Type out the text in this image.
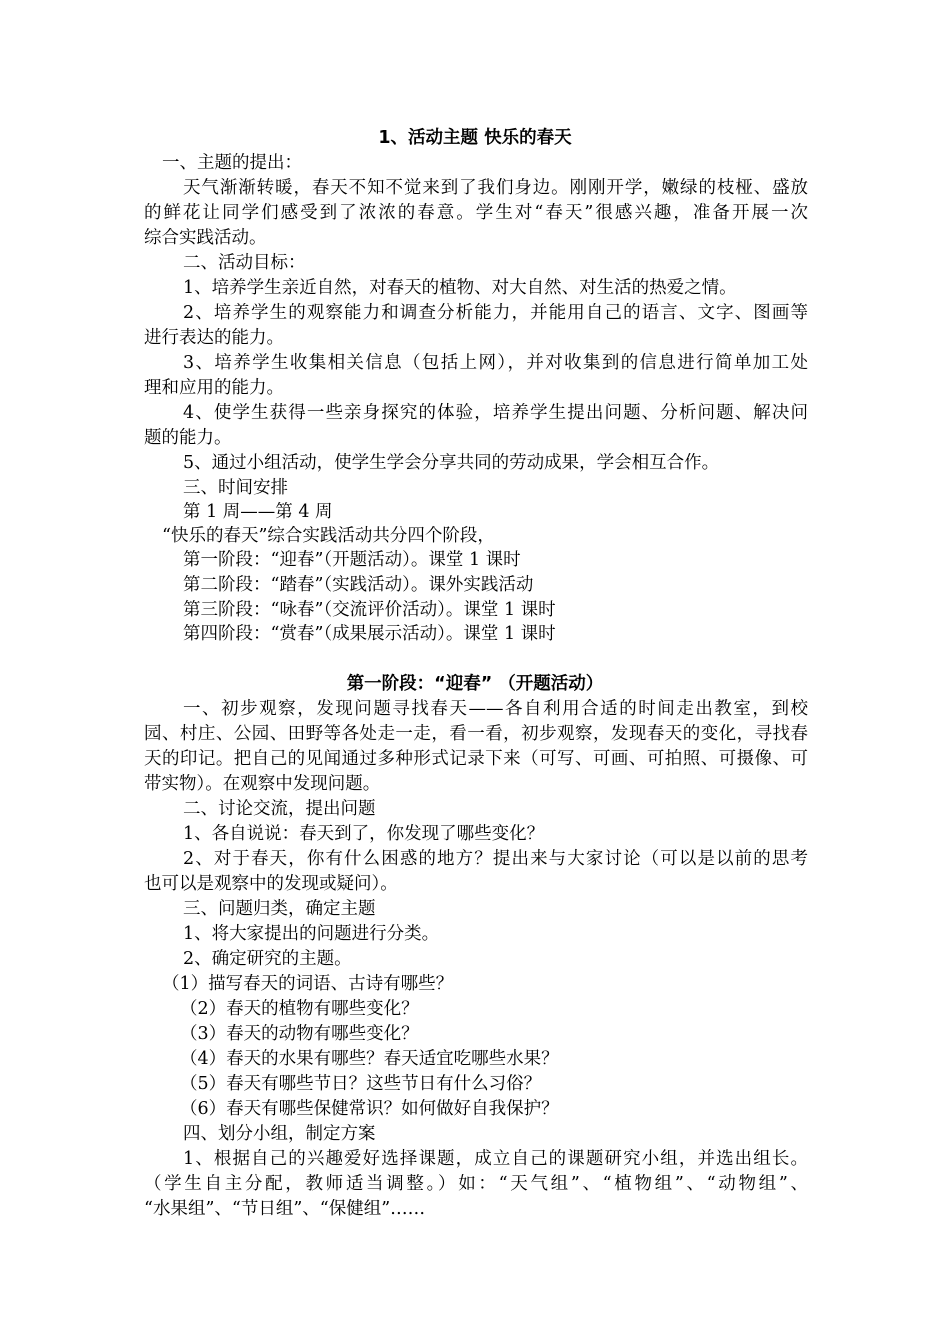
1、活动主题 快乐的春天
一、主题的提出：
天气渐渐转暖，春天不知不觉来到了我们身边。刚刚开学，嫩绿的枝桠、盛放
的鲜花让同学们感受到了浓浓的春意。学生对“春天”很感兴趣，准备开展一次
综合实践活动。
二、活动目标：
1、培养学生亲近自然，对春天的植物、对大自然、对生活的热爱之情。
2、培养学生的观察能力和调查分析能力，并能用自己的语言、文字、图画等
进行表达的能力。
3、培养学生收集相关信息（包括上网），并对收集到的信息进行简单加工处
理和应用的能力。
4、使学生获得一些亲身探究的体验，培养学生提出问题、分析问题、解决问
题的能力。
5、通过小组活动，使学生学会分享共同的劳动成果，学会相互合作。
三、时间安排
第 1 周——第 4 周
“快乐的春天”综合实践活动共分四个阶段，
第一阶段：“迎春”（开题活动）。课堂 1 课时
第二阶段：“踏春”（实践活动）。课外实践活动
第三阶段：“咏春”（交流评价活动）。课堂 1 课时
第四阶段：“赏春”（成果展示活动）。课堂 1 课时
第一阶段：“迎春” （开题活动）
一、初步观察，发现问题寻找春天——各自利用合适的时间走出教室，到校
园、村庄、公园、田野等各处走一走，看一看，初步观察，发现春天的变化，寻找春
天的印记。把自己的见闻通过多种形式记录下来（可写、可画、可拍照、可摄像、可
带实物）。在观察中发现问题。
二、讨论交流，提出问题
1、各自说说：春天到了，你发现了哪些变化？
2、对于春天，你有什么困惑的地方？提出来与大家讨论（可以是以前的思考
也可以是观察中的发现或疑问）。
三、问题归类，确定主题
1、将大家提出的问题进行分类。
2、确定研究的主题。
（1）描写春天的词语、古诗有哪些？
（2）春天的植物有哪些变化？
（3）春天的动物有哪些变化？
（4）春天的水果有哪些？春天适宜吃哪些水果？
（5）春天有哪些节日？这些节日有什么习俗？
（6）春天有哪些保健常识？如何做好自我保护？
四、划分小组，制定方案
1、根据自己的兴趣爱好选择课题，成立自己的课题研究小组，并选出组长。
（学生自主分配，教师适当调整。）如：“天气组”、“植物组”、“动物组”、
“水果组”、“节日组”、“保健组”……
